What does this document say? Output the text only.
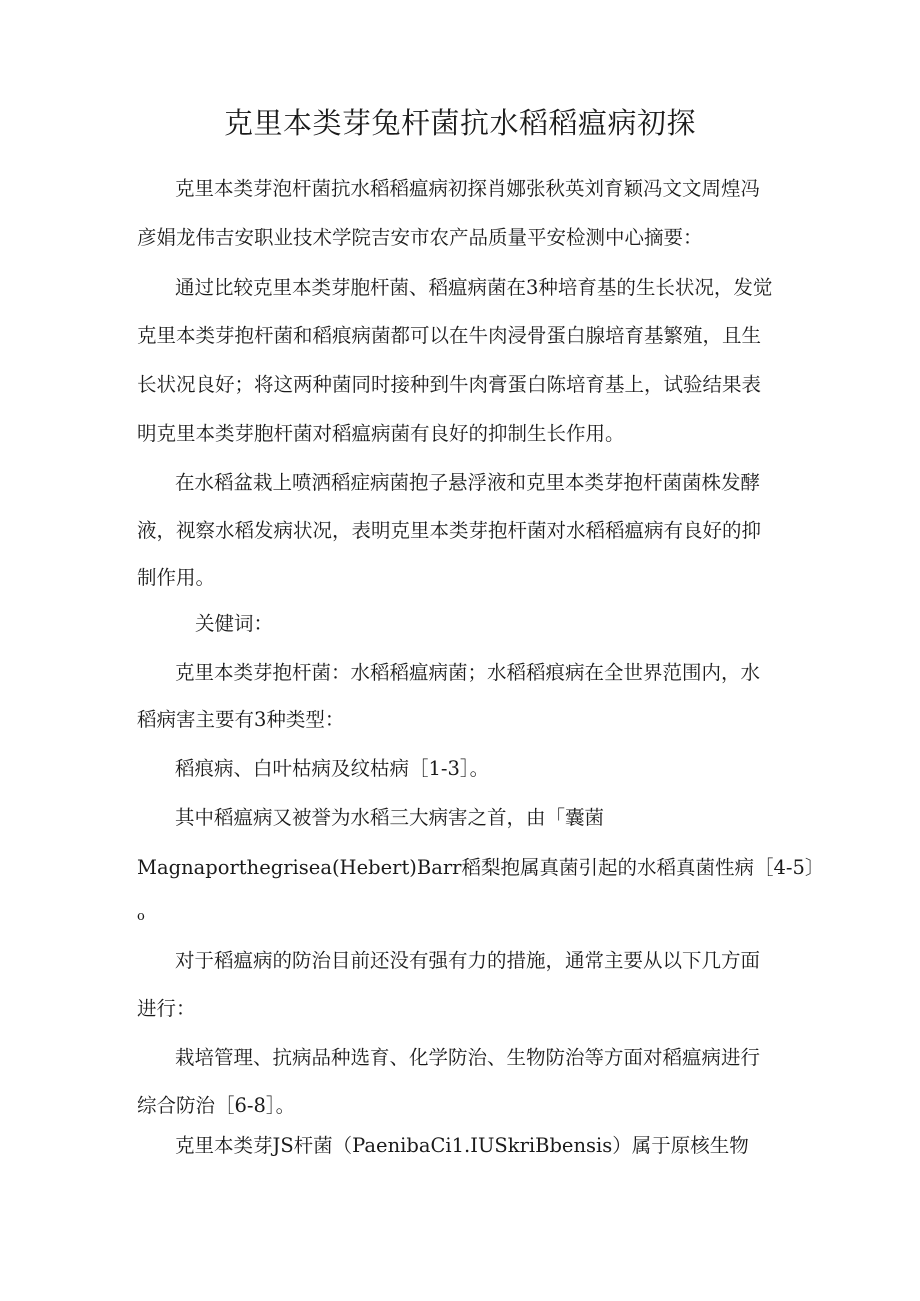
克里本类芽兔杆菌抗水稻稻瘟病初探

克里本类芽泡杆菌抗水稻稻瘟病初探肖娜张秋英刘育颖冯文文周煌冯

彦娟龙伟吉安职业技术学院吉安市农产品质量平安检测中心摘要：

通过比较克里本类芽胞杆菌、稻瘟病菌在3种培育基的生长状况，发觉

克里本类芽抱杆菌和稻痕病菌都可以在牛肉浸骨蛋白腺培育基繁殖，且生

长状况良好；将这两种菌同时接种到牛肉膏蛋白陈培育基上，试验结果表

明克里本类芽胞杆菌对稻瘟病菌有良好的抑制生长作用。

在水稻盆栽上喷洒稻症病菌抱子悬浮液和克里本类芽抱杆菌菌株发酵

液，视察水稻发病状况，表明克里本类芽抱杆菌对水稻稻瘟病有良好的抑

制作用。

关健词：

克里本类芽抱杆菌：水稻稻瘟病菌；水稻稻痕病在全世界范围内，水

稻病害主要有3种类型：

稻痕病、白叶枯病及纹枯病［1-3］。

其中稻瘟病又被誉为水稻三大病害之首，由「囊菌

Magnaporthegrisea(Hebert)Barr稻梨抱属真菌引起的水稻真菌性病［4-5〕

o

对于稻瘟病的防治目前还没有强有力的措施，通常主要从以下几方面

进行：

栽培管理、抗病品种选育、化学防治、生物防治等方面对稻瘟病进行

综合防治［6-8］。

克里本类芽JS杆菌（PaenibaCi1.IUSkriBbensis）属于原核生物
